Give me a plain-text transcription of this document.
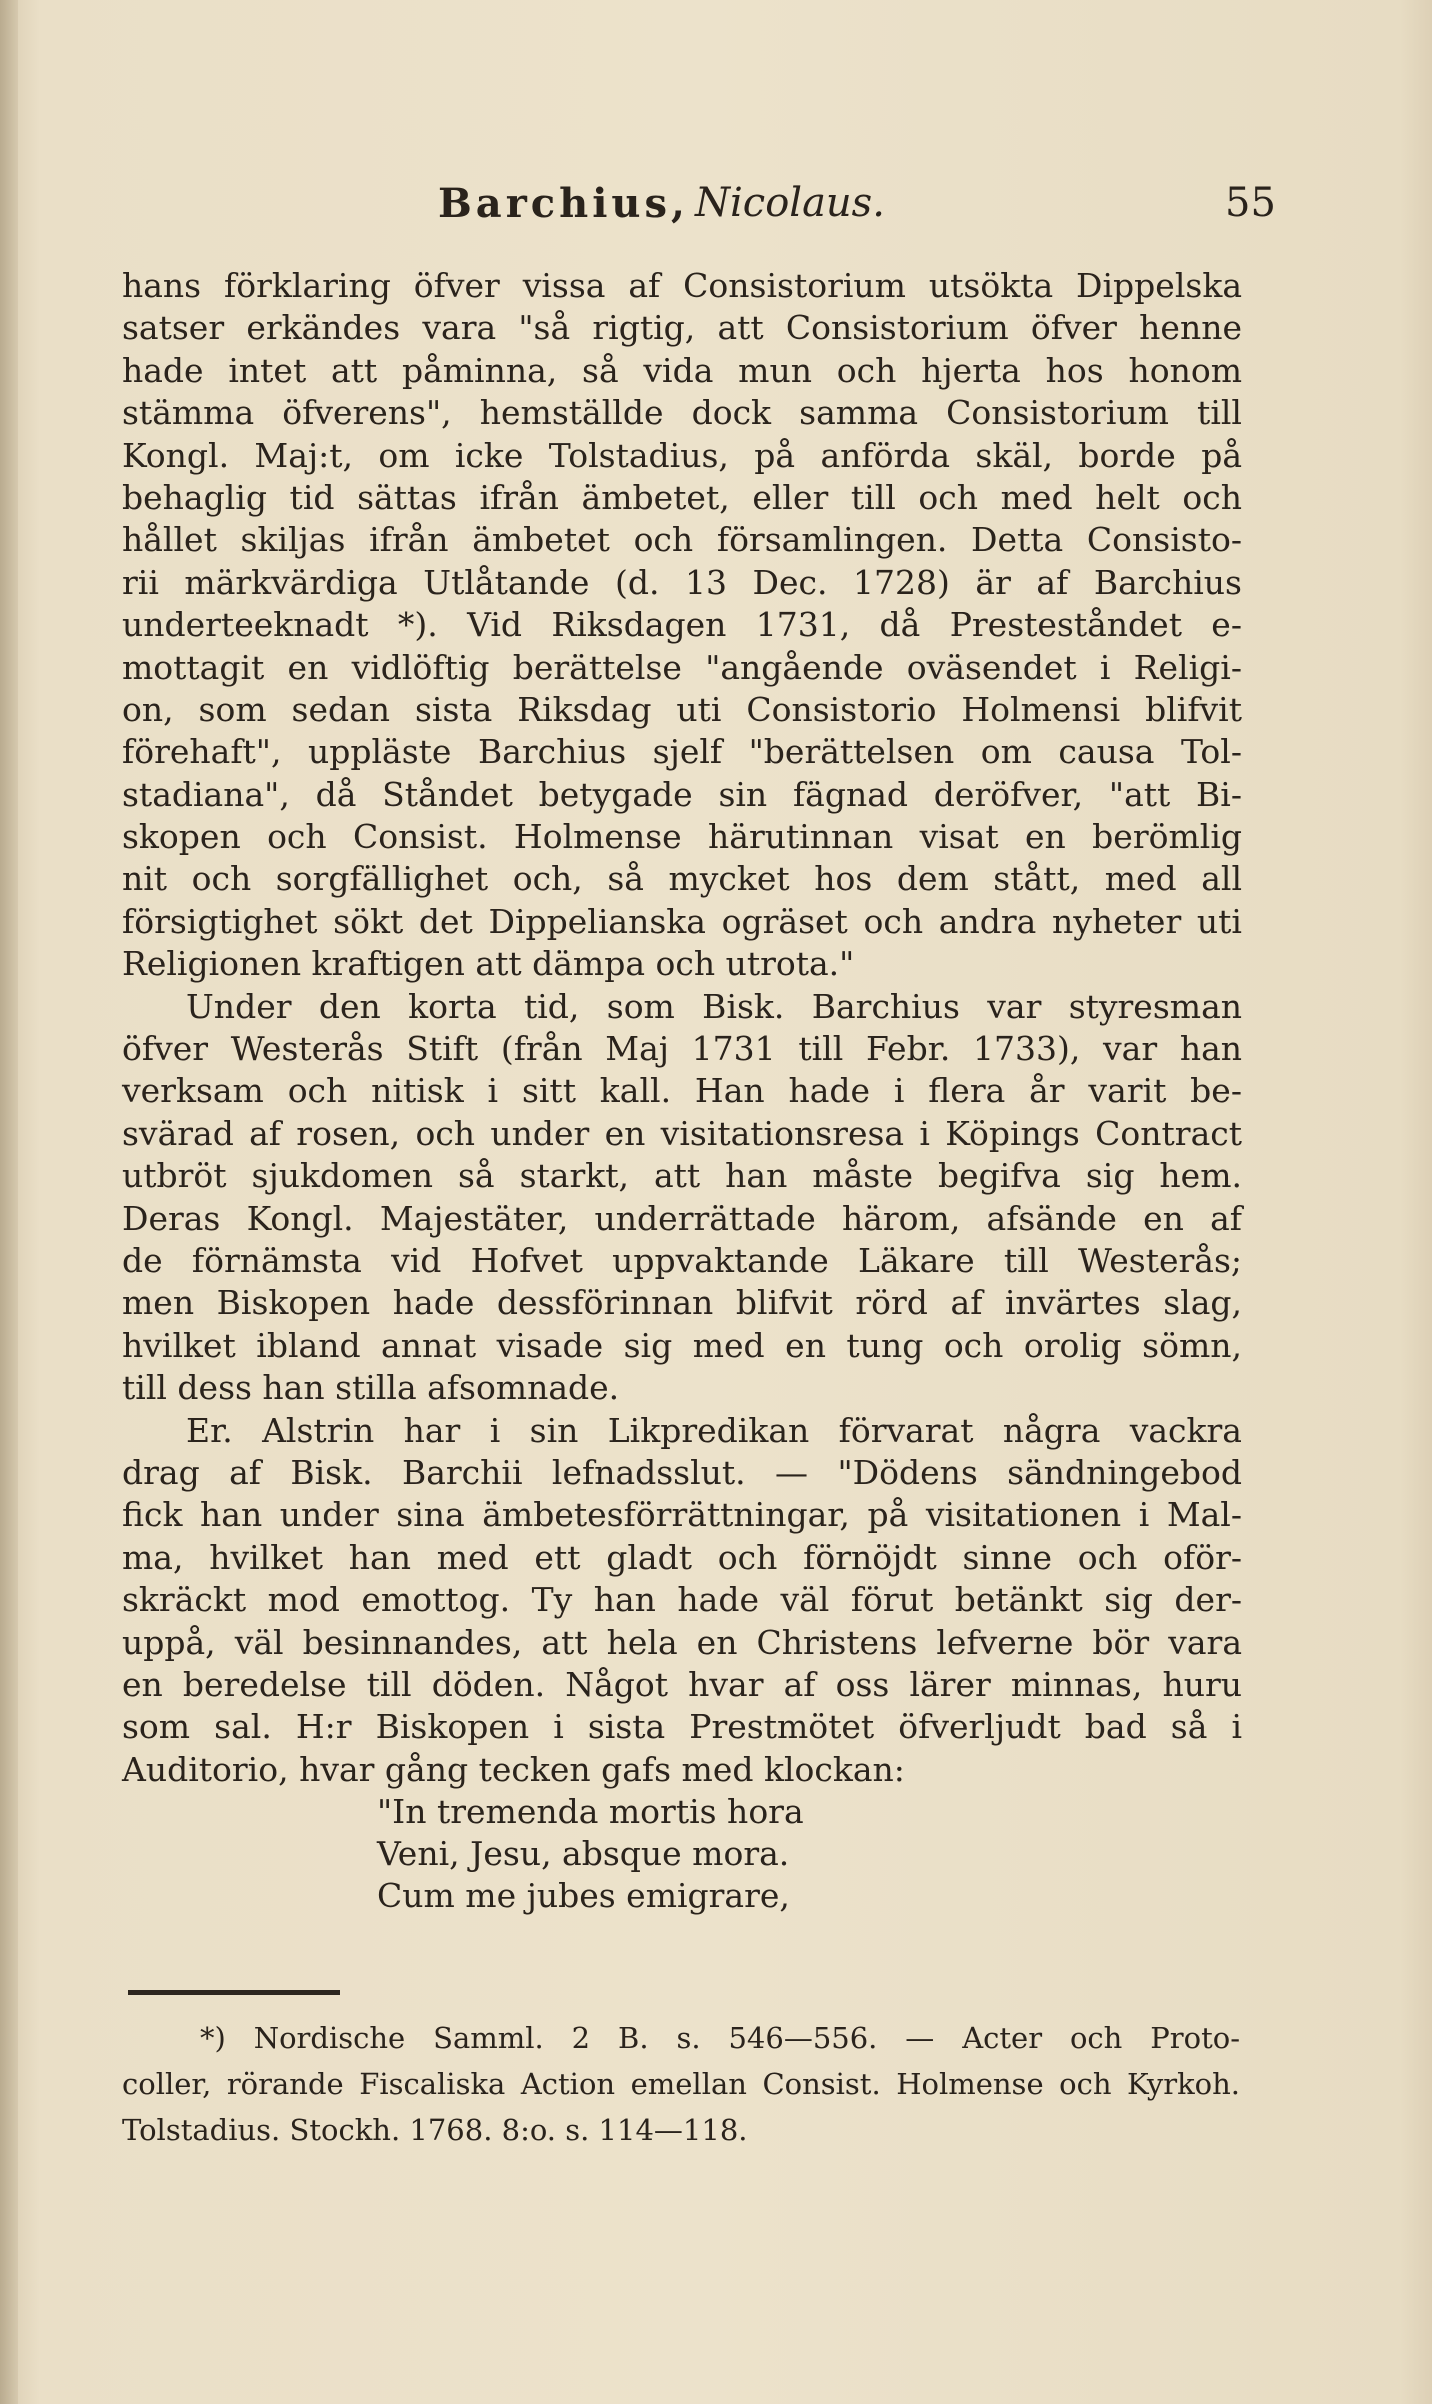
Barchius, Nicolaus.	55
hans förklaring öfver vissa af Consistorium utsökta Dippelska
satser erkändes vara "så rigtig, att Consistorium öfver henne
hade intet att påminna, så vida mun och hjerta hos honom
stämma öfverens", hemställde dock samma Consistorium till
Kongl. Maj:t, om icke Tolstadius, på anförda skäl, borde på
behaglig tid sättas ifrån ämbetet, eller till och med helt och
hållet skiljas ifrån ämbetet och församlingen. Detta Consisto-
rii märkvärdiga Utlåtande (d. 13 Dec. 1728) är af Barchius
underteeknadt *). Vid Riksdagen 1731, då Presteståndet e-
mottagit en vidlöftig berättelse "angående oväsendet i Religi-
on, som sedan sista Riksdag uti Consistorio Holmensi blifvit
förehaft", uppläste Barchius sjelf "berättelsen om causa Tol-
stadiana", då Ståndet betygade sin fägnad deröfver, "att Bi-
skopen och Consist. Holmense härutinnan visat en berömlig
nit och sorgfällighet och, så mycket hos dem stått, med all
försigtighet sökt det Dippelianska ogräset och andra nyheter uti
Religionen kraftigen att dämpa och utrota."
Under den korta tid, som Bisk. Barchius var styresman
öfver Westerås Stift (från Maj 1731 till Febr. 1733), var han
verksam och nitisk i sitt kall. Han hade i flera år varit be-
svärad af rosen, och under en visitationsresa i Köpings Contract
utbröt sjukdomen så starkt, att han måste begifva sig hem.
Deras Kongl. Majestäter, underrättade härom, afsände en af
de förnämsta vid Hofvet uppvaktande Läkare till Westerås;
men Biskopen hade dessförinnan blifvit rörd af invärtes slag,
hvilket ibland annat visade sig med en tung och orolig sömn,
till dess han stilla afsomnade.
Er. Alstrin har i sin Likpredikan förvarat några vackra
drag af Bisk. Barchii lefnadsslut. — "Dödens sändningebod
fick han under sina ämbetesförrättningar, på visitationen i Mal-
ma, hvilket han med ett gladt och förnöjdt sinne och oför-
skräckt mod emottog. Ty han hade väl förut betänkt sig der-
uppå, väl besinnandes, att hela en Christens lefverne bör vara
en beredelse till döden. Något hvar af oss lärer minnas, huru
som sal. H:r Biskopen i sista Prestmötet öfverljudt bad så i
Auditorio, hvar gång tecken gafs med klockan:
"In tremenda mortis hora
Veni, Jesu, absque mora.
Cum me jubes emigrare,
*) Nordische Samml. 2 B. s. 546—556. — Acter och Proto-
coller, rörande Fiscaliska Action emellan Consist. Holmense och Kyrkoh.
Tolstadius. Stockh. 1768. 8:o. s. 114—118.
